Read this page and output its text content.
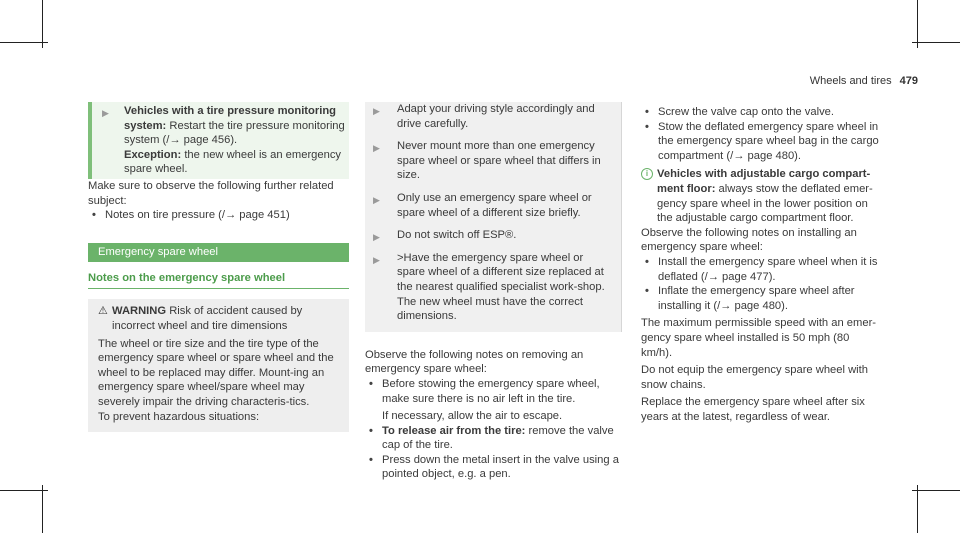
Wheels and tires 479
▶ Vehicles with a tire pressure monitoring system: Restart the tire pressure monitoring system (/→ page 456).

Exception: the new wheel is an emergency spare wheel.

Make sure to observe the following further related subject:

• Notes on tire pressure (/→ page 451)

Emergency spare wheel
Notes on the emergency spare wheel

⚠ WARNING Risk of accident caused by incorrect wheel and tire dimensions

The wheel or tire size and the tire type of the emergency spare wheel or spare wheel and the wheel to be replaced may differ. Mount-ing an emergency spare wheel/spare wheel may severely impair the driving characteris-tics.

To prevent hazardous situations:

▶ Adapt your driving style accordingly and drive carefully.

▶ Never mount more than one emergency spare wheel or spare wheel that differs in size.

▶ Only use an emergency spare wheel or spare wheel of a different size briefly.

▶ Do not switch off ESP®.

▶ >Have the emergency spare wheel or spare wheel of a different size replaced at the nearest qualified specialist work-shop. The new wheel must have the correct dimensions.

Observe the following notes on removing an emergency spare wheel:

• Before stowing the emergency spare wheel, make sure there is no air left in the tire.

If necessary, allow the air to escape.

• To release air from the tire: remove the valve cap of the tire.

• Press down the metal insert in the valve using a pointed object, e.g. a pen.

• Screw the valve cap onto the valve.

• Stow the deflated emergency spare wheel in the emergency spare wheel bag in the cargo compartment (/→ page 480).

i Vehicles with adjustable cargo compart-ment floor: always stow the deflated emer-gency spare wheel in the lower position on the adjustable cargo compartment floor.

Observe the following notes on installing an emergency spare wheel:

• Install the emergency spare wheel when it is deflated (/→ page 477).

• Inflate the emergency spare wheel after installing it (/→ page 480).

The maximum permissible speed with an emer-gency spare wheel installed is 50 mph (80 km/h).

Do not equip the emergency spare wheel with snow chains.

Replace the emergency spare wheel after six years at the latest, regardless of wear.
